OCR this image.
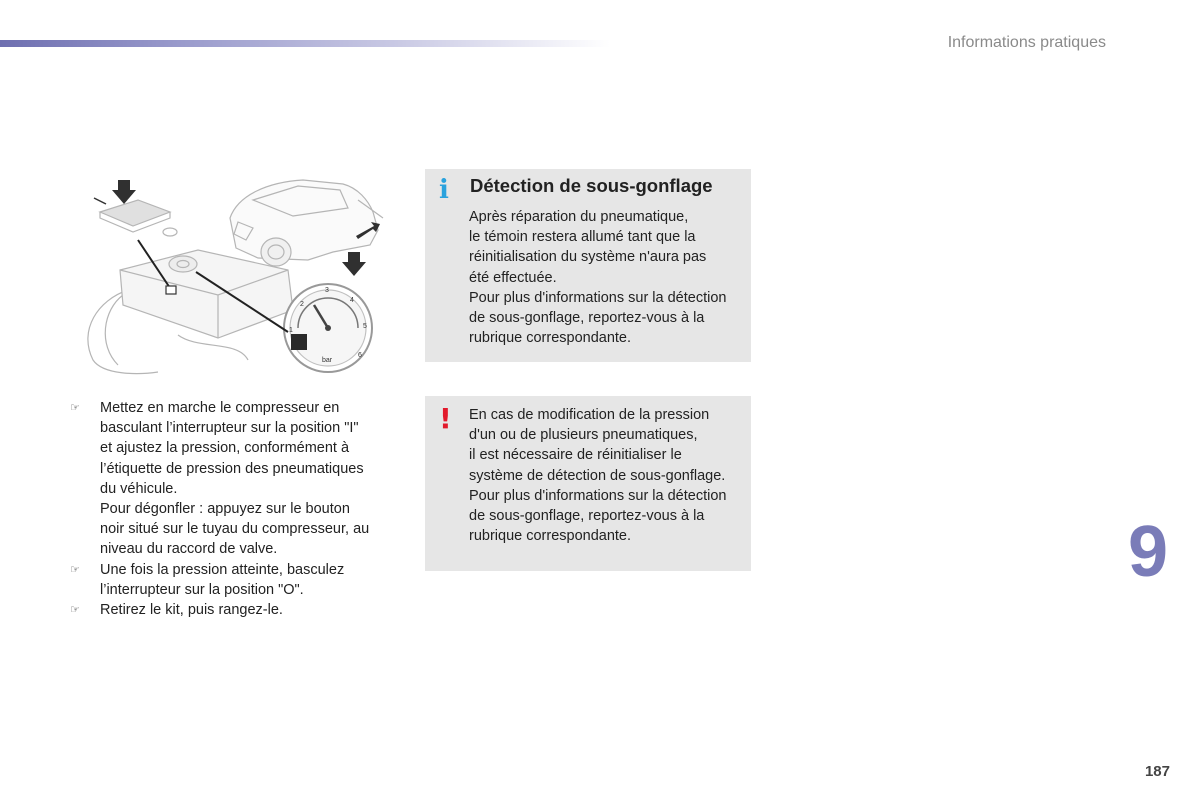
Informations pratiques
1
2
3
4
5
6
bar
☞ Mettez en marche le compresseur en
basculant l’interrupteur sur la position "I"
et ajustez la pression, conformément à
l’étiquette de pression des pneumatiques
du véhicule.
Pour dégonfler : appuyez sur le bouton
noir situé sur le tuyau du compresseur, au
niveau du raccord de valve.
☞ Une fois la pression atteinte, basculez
l’interrupteur sur la position "O".
☞ Retirez le kit, puis rangez-le.
i Détection de sous-gonflage
Après réparation du pneumatique,
le témoin restera allumé tant que la
réinitialisation du système n'aura pas
été effectuée.
Pour plus d'informations sur la détection
de sous-gonflage, reportez-vous à la
rubrique correspondante.
! En cas de modification de la pression
d'un ou de plusieurs pneumatiques,
il est nécessaire de réinitialiser le
système de détection de sous-gonflage.
Pour plus d'informations sur la détection
de sous-gonflage, reportez-vous à la
rubrique correspondante.	9
187
